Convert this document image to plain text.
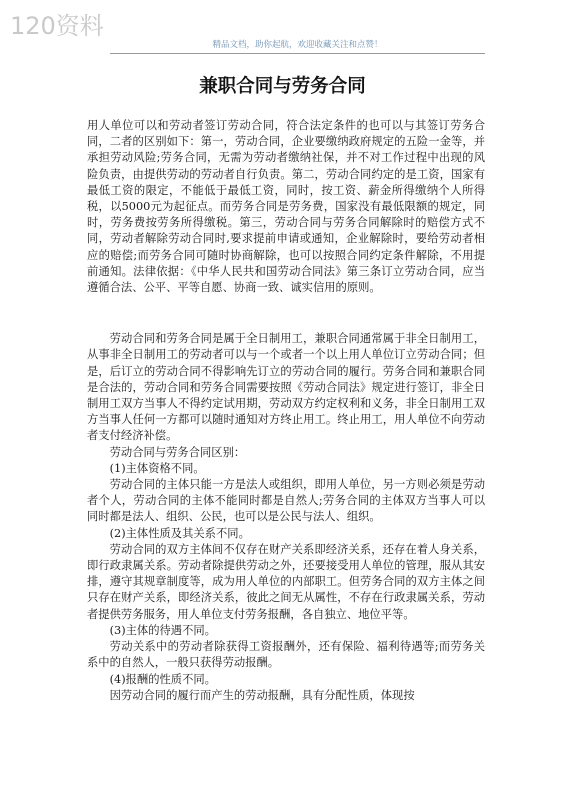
120资料
精品文档，助你起航，欢迎收藏关注和点赞！
兼职合同与劳务合同

用人单位可以和劳动者签订劳动合同，符合法定条件的也可以与其签订劳务合同，二者的区别如下：第一，劳动合同，企业要缴纳政府规定的五险一金等，并承担劳动风险;劳务合同，无需为劳动者缴纳社保，并不对工作过程中出现的风险负责，由提供劳动的劳动者自行负责。第二，劳动合同约定的是工资，国家有最低工资的限定，不能低于最低工资，同时，按工资、薪金所得缴纳个人所得税，以5000元为起征点。而劳务合同是劳务费，国家没有最低限额的规定，同时，劳务费按劳务所得缴税。第三，劳动合同与劳务合同解除时的赔偿方式不同，劳动者解除劳动合同时,要求提前申请或通知，企业解除时，要给劳动者相应的赔偿;而劳务合同可随时协商解除，也可以按照合同约定条件解除，不用提前通知。法律依据：《中华人民共和国劳动合同法》第三条订立劳动合同，应当遵循合法、公平、平等自愿、协商一致、诚实信用的原则。

劳动合同和劳务合同是属于全日制用工，兼职合同通常属于非全日制用工，从事非全日制用工的劳动者可以与一个或者一个以上用人单位订立劳动合同；但是，后订立的劳动合同不得影响先订立的劳动合同的履行。劳务合同和兼职合同是合法的，劳动合同和劳务合同需要按照《劳动合同法》规定进行签订，非全日制用工双方当事人不得约定试用期，劳动双方约定权利和义务，非全日制用工双方当事人任何一方都可以随时通知对方终止用工。终止用工，用人单位不向劳动者支付经济补偿。

劳动合同与劳务合同区别：

(1)主体资格不同。

劳动合同的主体只能一方是法人或组织，即用人单位，另一方则必须是劳动者个人，劳动合同的主体不能同时都是自然人;劳务合同的主体双方当事人可以同时都是法人、组织、公民，也可以是公民与法人、组织。

(2)主体性质及其关系不同。

劳动合同的双方主体间不仅存在财产关系即经济关系，还存在着人身关系，即行政隶属关系。劳动者除提供劳动之外，还要接受用人单位的管理，服从其安排，遵守其规章制度等，成为用人单位的内部职工。但劳务合同的双方主体之间只存在财产关系，即经济关系，彼此之间无从属性，不存在行政隶属关系，劳动者提供劳务服务，用人单位支付劳务报酬，各自独立、地位平等。

(3)主体的待遇不同。

劳动关系中的劳动者除获得工资报酬外，还有保险、福利待遇等;而劳务关系中的自然人，一般只获得劳动报酬。

(4)报酬的性质不同。

因劳动合同的履行而产生的劳动报酬，具有分配性质，体现按
